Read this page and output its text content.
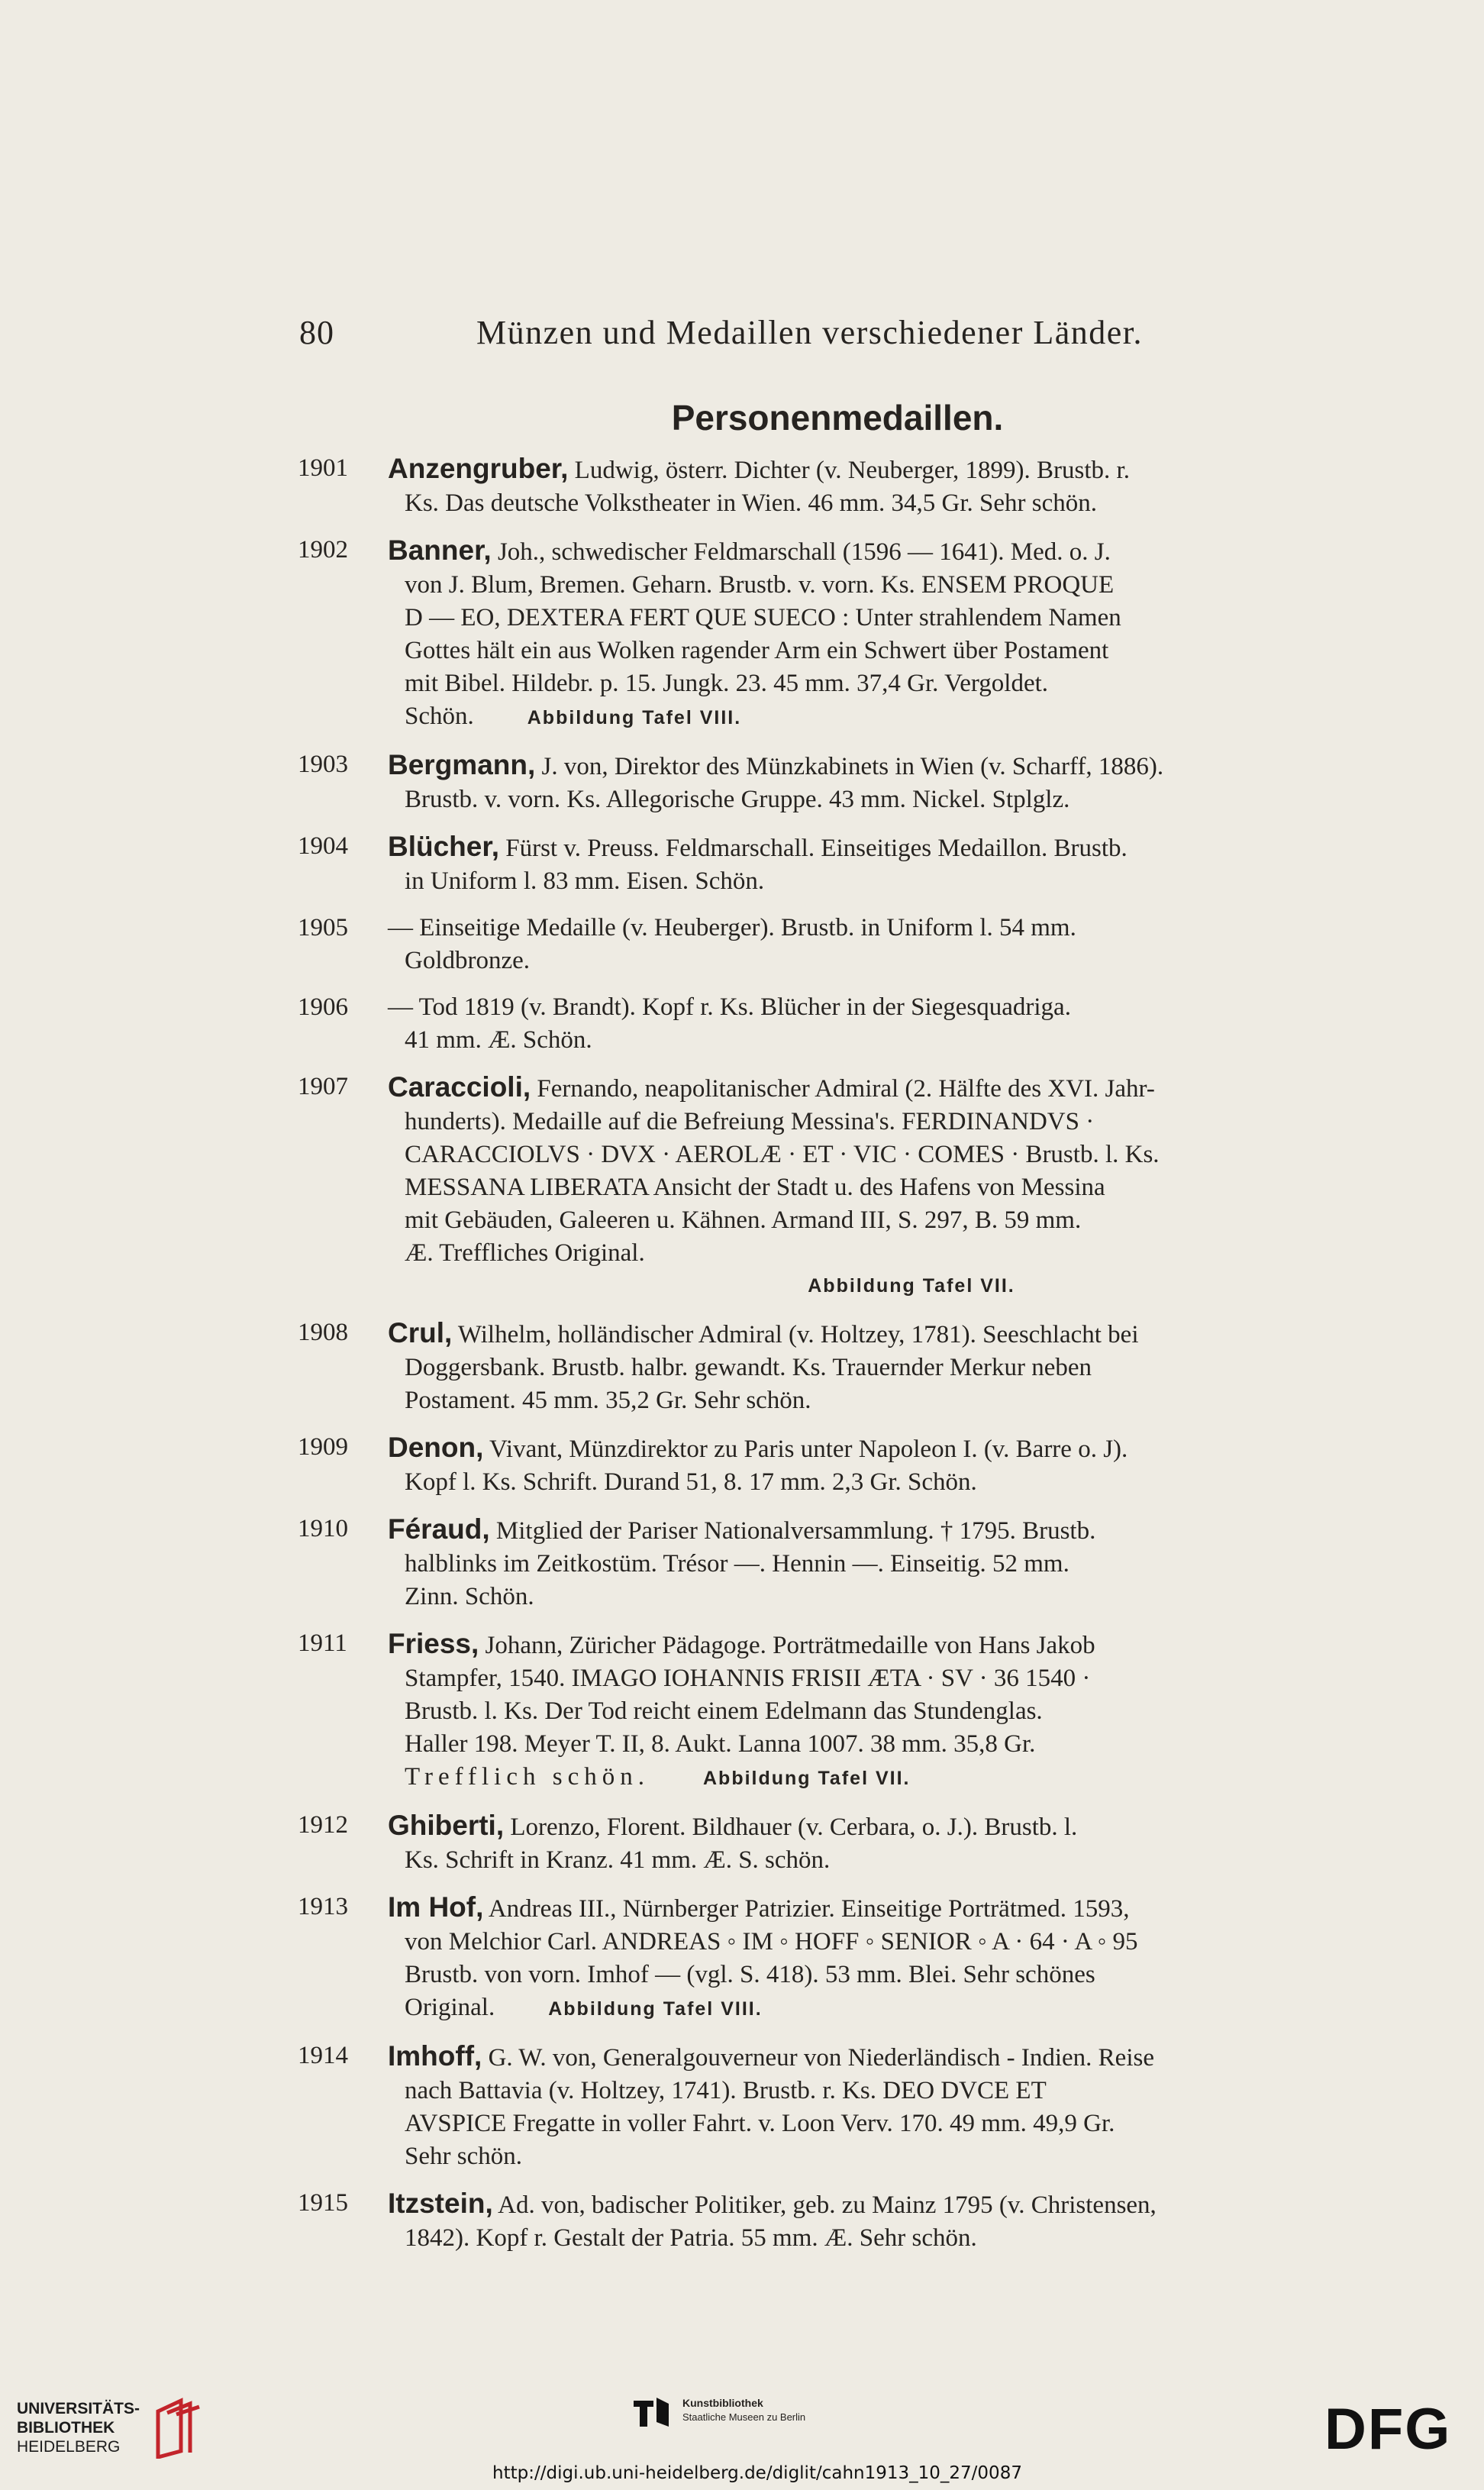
80	Münzen und Medaillen verschiedener Länder.
Personenmedaillen.
1901 Anzengruber, Ludwig, österr. Dichter (v. Neuberger, 1899). Brustb. r.
Ks. Das deutsche Volkstheater in Wien. 46 mm. 34,5 Gr. Sehr schön.
1902 Banner, Joh., schwedischer Feldmarschall (1596 — 1641). Med. o. J.
von J. Blum, Bremen. Geharn. Brustb. v. vorn. Ks. ENSEM PROQUE
D — EO, DEXTERA FERT QUE SUECO : Unter strahlendem Namen
Gottes hält ein aus Wolken ragender Arm ein Schwert über Postament
mit Bibel. Hildebr. p. 15. Jungk. 23. 45 mm. 37,4 Gr. Vergoldet.
Schön.	Abbildung Tafel VIII.
1903 Bergmann, J. von, Direktor des Münzkabinets in Wien (v. Scharff, 1886).
Brustb. v. vorn. Ks. Allegorische Gruppe. 43 mm. Nickel. Stplglz.
1904 Blücher, Fürst v. Preuss. Feldmarschall. Einseitiges Medaillon. Brustb.
in Uniform l. 83 mm. Eisen. Schön.
1905 — Einseitige Medaille (v. Heuberger). Brustb. in Uniform l. 54 mm.
Goldbronze.
1906 — Tod 1819 (v. Brandt). Kopf r. Ks. Blücher in der Siegesquadriga.
41 mm. Æ. Schön.
1907 Caraccioli, Fernando, neapolitanischer Admiral (2. Hälfte des XVI. Jahr-
hunderts). Medaille auf die Befreiung Messina's. FERDINANDVS ·
CARACCIOLVS · DVX · AEROLÆ · ET · VIC · COMES · Brustb. l. Ks.
MESSANA LIBERATA Ansicht der Stadt u. des Hafens von Messina
mit Gebäuden, Galeeren u. Kähnen. Armand III, S. 297, B. 59 mm.
Æ. Treffliches Original.
Abbildung Tafel VII.
1908 Crul, Wilhelm, holländischer Admiral (v. Holtzey, 1781). Seeschlacht bei
Doggersbank. Brustb. halbr. gewandt. Ks. Trauernder Merkur neben
Postament. 45 mm. 35,2 Gr. Sehr schön.
1909 Denon, Vivant, Münzdirektor zu Paris unter Napoleon I. (v. Barre o. J).
Kopf l. Ks. Schrift. Durand 51, 8. 17 mm. 2,3 Gr. Schön.
1910 Féraud, Mitglied der Pariser Nationalversammlung. † 1795. Brustb.
halblinks im Zeitkostüm. Trésor —. Hennin —. Einseitig. 52 mm.
Zinn. Schön.
1911 Friess, Johann, Züricher Pädagoge. Porträtmedaille von Hans Jakob
Stampfer, 1540. IMAGO IOHANNIS FRISII ÆTA · SV · 36 1540 ·
Brustb. l. Ks. Der Tod reicht einem Edelmann das Stundenglas.
Haller 198. Meyer T. II, 8. Aukt. Lanna 1007. 38 mm. 35,8 Gr.
Trefflich schön.	Abbildung Tafel VII.
1912 Ghiberti, Lorenzo, Florent. Bildhauer (v. Cerbara, o. J.). Brustb. l.
Ks. Schrift in Kranz. 41 mm. Æ. S. schön.
1913 Im Hof, Andreas III., Nürnberger Patrizier. Einseitige Porträtmed. 1593,
von Melchior Carl. ANDREAS ◦ IM ◦ HOFF ◦ SENIOR ◦ A · 64 · A ◦ 95
Brustb. von vorn. Imhof — (vgl. S. 418). 53 mm. Blei. Sehr schönes
Original.	Abbildung Tafel VIII.
1914 Imhoff, G. W. von, Generalgouverneur von Niederländisch - Indien. Reise
nach Battavia (v. Holtzey, 1741). Brustb. r. Ks. DEO DVCE ET
AVSPICE Fregatte in voller Fahrt. v. Loon Verv. 170. 49 mm. 49,9 Gr.
Sehr schön.
1915 Itzstein, Ad. von, badischer Politiker, geb. zu Mainz 1795 (v. Christensen,
1842). Kopf r. Gestalt der Patria. 55 mm. Æ. Sehr schön.
UNIVERSITÄTS-
BIBLIOTHEK
HEIDELBERG
Kunstbibliothek
Staatliche Museen zu Berlin	DFG
http://digi.ub.uni-heidelberg.de/diglit/cahn1913_10_27/0087
